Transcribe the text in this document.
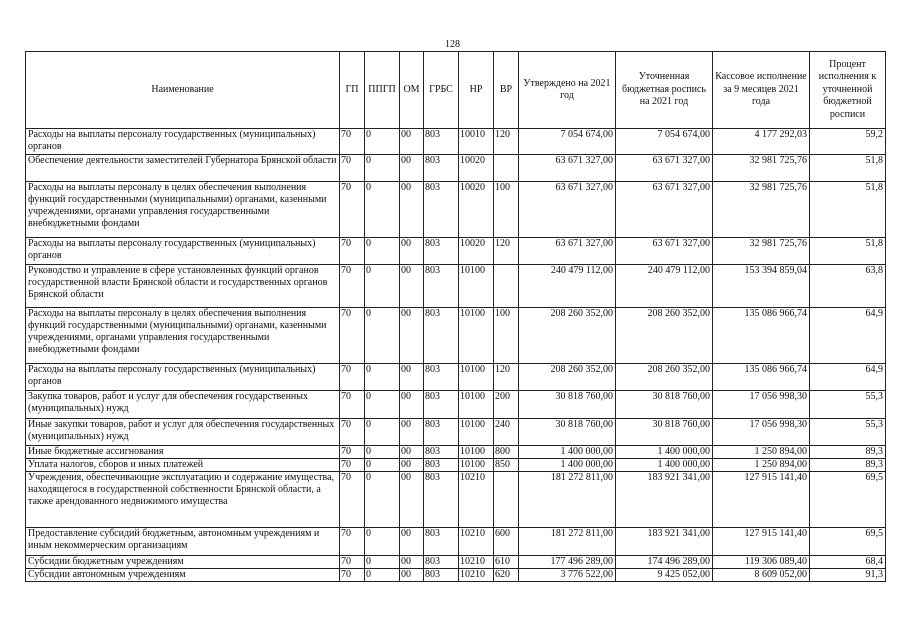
128
Наименование	ГП	ППГП	ОМ	ГРБС	НР	ВР	Утверждено на 2021 год	Уточненная бюджетная роспись на 2021 год	Кассовое исполнение за 9 месяцев 2021 года	Процент исполнения к уточненной бюджетной росписи
Расходы на выплаты персоналу государственных (муниципальных) органов	70	0	00	803	10010	120	7 054 674,00	7 054 674,00	4 177 292,03	59,2
Обеспечение деятельности заместителей Губернатора Брянской области	70	0	00	803	10020		63 671 327,00	63 671 327,00	32 981 725,76	51,8
Расходы на выплаты персоналу в целях обеспечения выполнения функций государственными (муниципальными) органами, казенными учреждениями, органами управления государственными внебюджетными фондами	70	0	00	803	10020	100	63 671 327,00	63 671 327,00	32 981 725,76	51,8
Расходы на выплаты персоналу государственных (муниципальных) органов	70	0	00	803	10020	120	63 671 327,00	63 671 327,00	32 981 725,76	51,8
Руководство и управление в сфере установленных функций органов государственной власти Брянской области и государственных органов Брянской области	70	0	00	803	10100		240 479 112,00	240 479 112,00	153 394 859,04	63,8
Расходы на выплаты персоналу в целях обеспечения выполнения функций государственными (муниципальными) органами, казенными учреждениями, органами управления государственными внебюджетными фондами	70	0	00	803	10100	100	208 260 352,00	208 260 352,00	135 086 966,74	64,9
Расходы на выплаты персоналу государственных (муниципальных) органов	70	0	00	803	10100	120	208 260 352,00	208 260 352,00	135 086 966,74	64,9
Закупка товаров, работ и услуг для обеспечения государственных (муниципальных) нужд	70	0	00	803	10100	200	30 818 760,00	30 818 760,00	17 056 998,30	55,3
Иные закупки товаров, работ и услуг для обеспечения государственных (муниципальных) нужд	70	0	00	803	10100	240	30 818 760,00	30 818 760,00	17 056 998,30	55,3
Иные бюджетные ассигнования	70	0	00	803	10100	800	1 400 000,00	1 400 000,00	1 250 894,00	89,3
Уплата налогов, сборов и иных платежей	70	0	00	803	10100	850	1 400 000,00	1 400 000,00	1 250 894,00	89,3
Учреждения, обеспечивающие эксплуатацию и содержание имущества, находящегося в государственной собственности Брянской области, а также арендованного недвижимого имущества	70	0	00	803	10210		181 272 811,00	183 921 341,00	127 915 141,40	69,5
Предоставление субсидий бюджетным, автономным учреждениям и иным некоммерческим организациям	70	0	00	803	10210	600	181 272 811,00	183 921 341,00	127 915 141,40	69,5
Субсидии бюджетным учреждениям	70	0	00	803	10210	610	177 496 289,00	174 496 289,00	119 306 089,40	68,4
Субсидии автономным учреждениям	70	0	00	803	10210	620	3 776 522,00	9 425 052,00	8 609 052,00	91,3
